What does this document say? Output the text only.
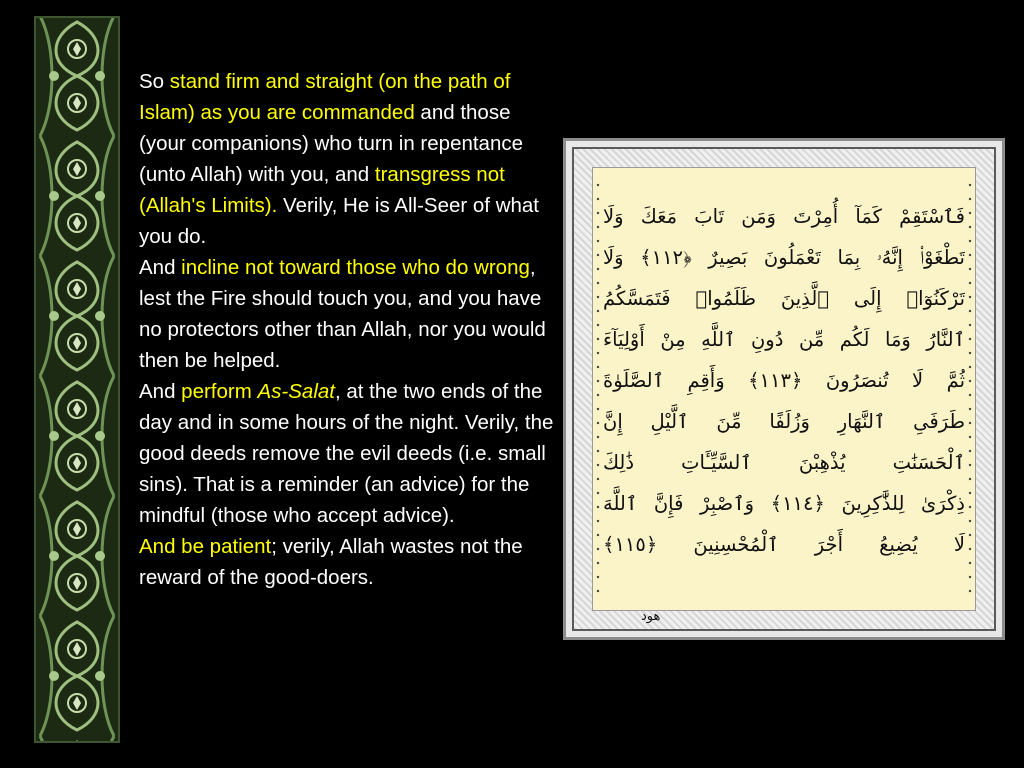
So stand firm and straight (on the path of Islam) as you are commanded and those (your companions) who turn in repentance (unto Allah) with you, and transgress not (Allah's Limits). Verily, He is All-Seer of what you do.

And incline not toward those who do wrong, lest the Fire should touch you, and you have no protectors other than Allah, nor you would then be helped.

And perform As-Salat, at the two ends of the day and in some hours of the night. Verily, the good deeds remove the evil deeds (i.e. small sins). That is a reminder (an advice) for the mindful (those who accept advice).

And be patient; verily, Allah wastes not the reward of the good-doers.

فَٱسْتَقِمْ كَمَآ أُمِرْتَ وَمَن تَابَ مَعَكَ وَلَا
تَطْغَوْا۟ إِنَّهُۥ بِمَا تَعْمَلُونَ بَصِيرٌ ﴿١١٢﴾ وَلَا
تَرْكَنُوٓا۟ إِلَى ٱلَّذِينَ ظَلَمُوا۟ فَتَمَسَّكُمُ
ٱلنَّارُ وَمَا لَكُم مِّن دُونِ ٱللَّهِ مِنْ أَوْلِيَآءَ
ثُمَّ لَا تُنصَرُونَ ﴿١١٣﴾ وَأَقِمِ ٱلصَّلَوٰةَ
طَرَفَىِ ٱلنَّهَارِ وَزُلَفًا مِّنَ ٱلَّيْلِ إِنَّ
ٱلْحَسَنَٰتِ يُذْهِبْنَ ٱلسَّيِّـَٔاتِ ذَٰلِكَ
ذِكْرَىٰ لِلذَّٰكِرِينَ ﴿١١٤﴾ وَٱصْبِرْ فَإِنَّ ٱللَّهَ
لَا يُضِيعُ أَجْرَ ٱلْمُحْسِنِينَ ﴿١١٥﴾
هود
